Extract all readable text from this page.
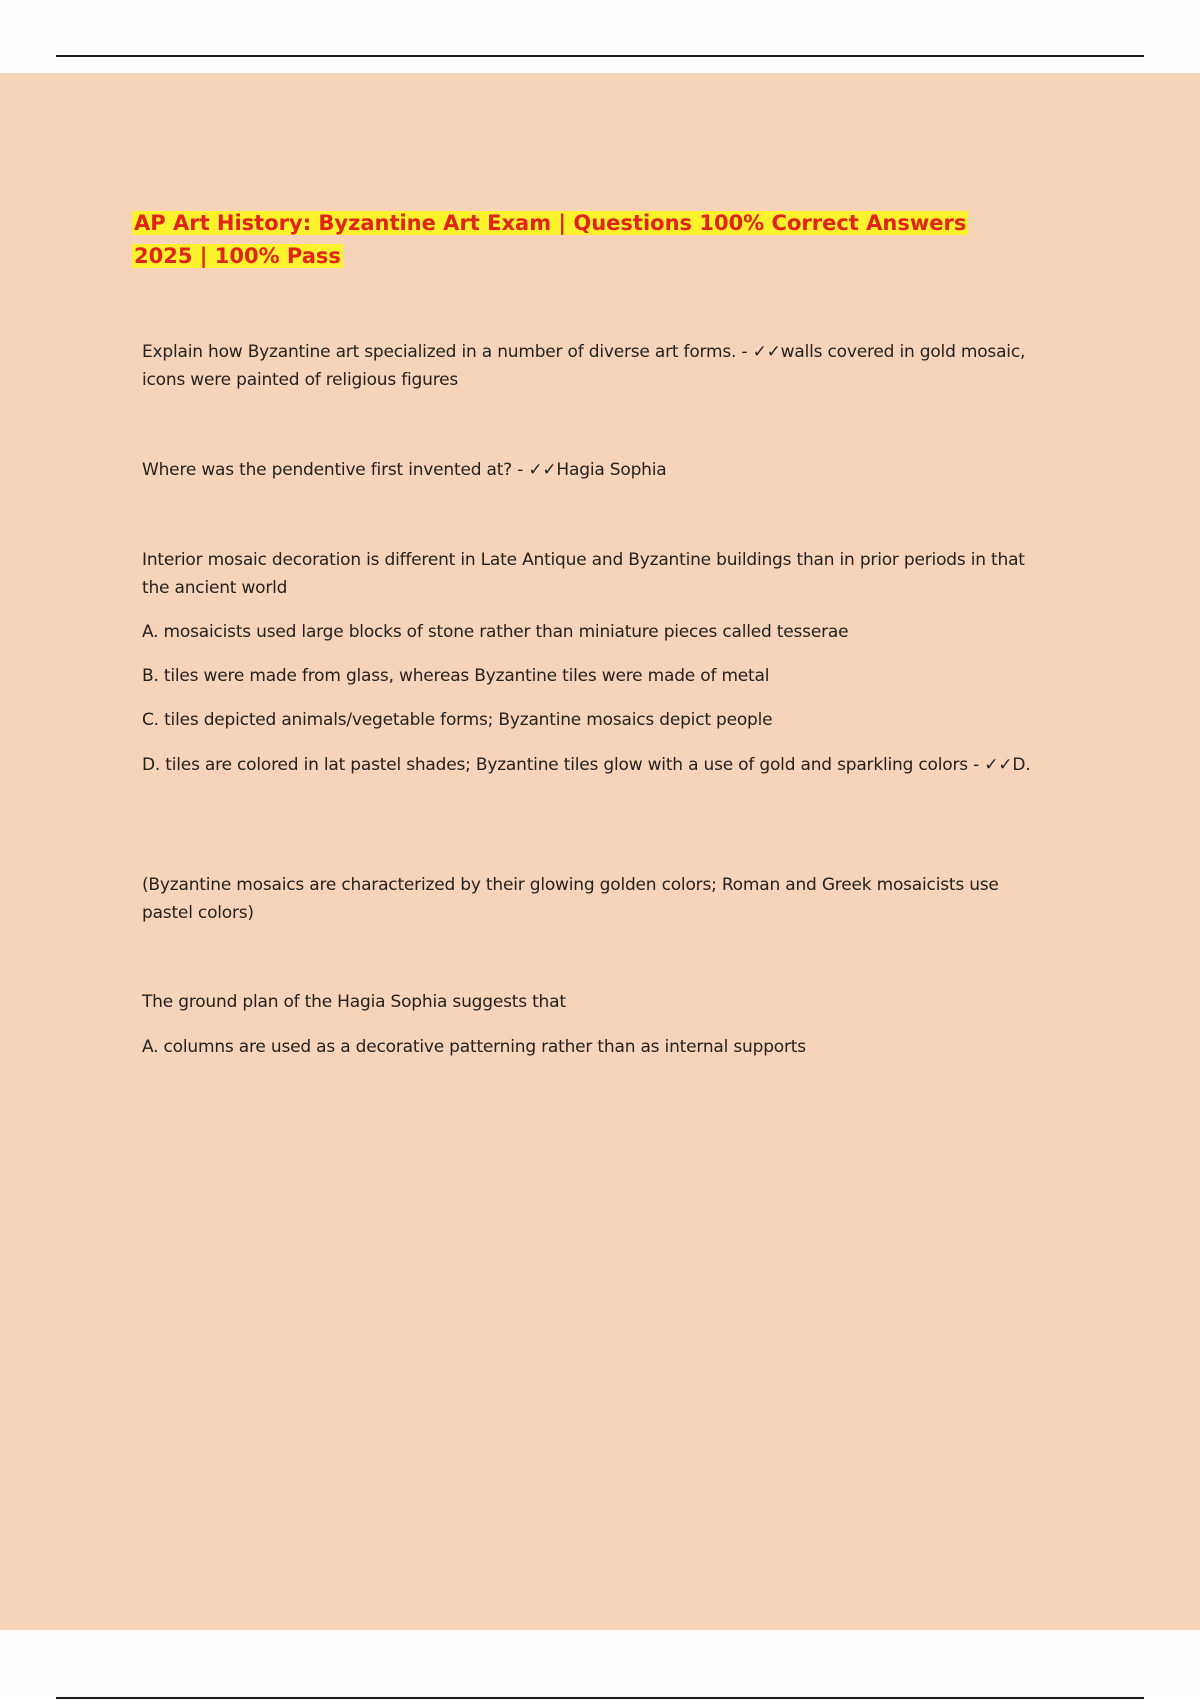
AP Art History: Byzantine Art Exam | Questions 100% Correct Answers 2025 | 100% Pass

Explain how Byzantine art specialized in a number of diverse art forms. - ✓✓walls covered in gold mosaic, icons were painted of religious figures

Where was the pendentive first invented at? - ✓✓Hagia Sophia

Interior mosaic decoration is different in Late Antique and Byzantine buildings than in prior periods in that the ancient world

A. mosaicists used large blocks of stone rather than miniature pieces called tesserae

B. tiles were made from glass, whereas Byzantine tiles were made of metal

C. tiles depicted animals/vegetable forms; Byzantine mosaics depict people

D. tiles are colored in lat pastel shades; Byzantine tiles glow with a use of gold and sparkling colors - ✓✓D.

(Byzantine mosaics are characterized by their glowing golden colors; Roman and Greek mosaicists use pastel colors)

The ground plan of the Hagia Sophia suggests that

A. columns are used as a decorative patterning rather than as internal supports
